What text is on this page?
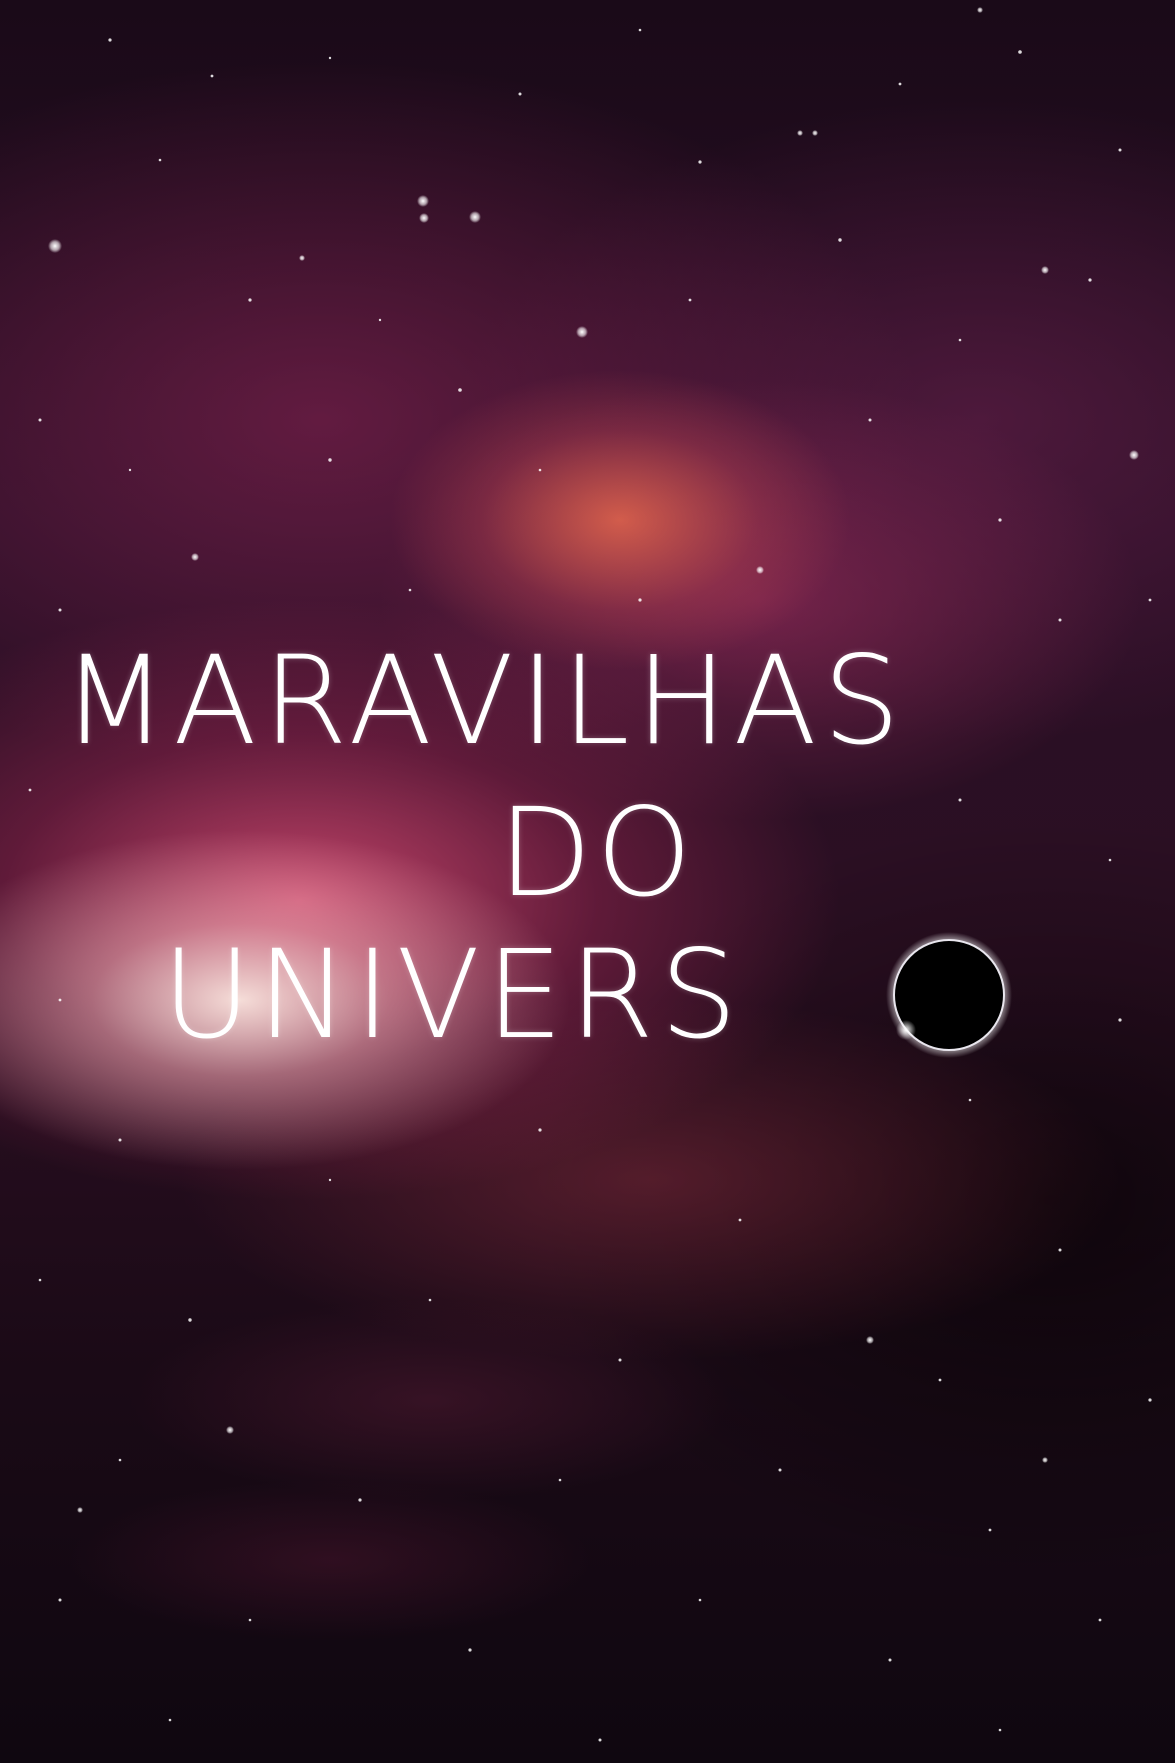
MARAVILHAS
DO
UNIVERS
